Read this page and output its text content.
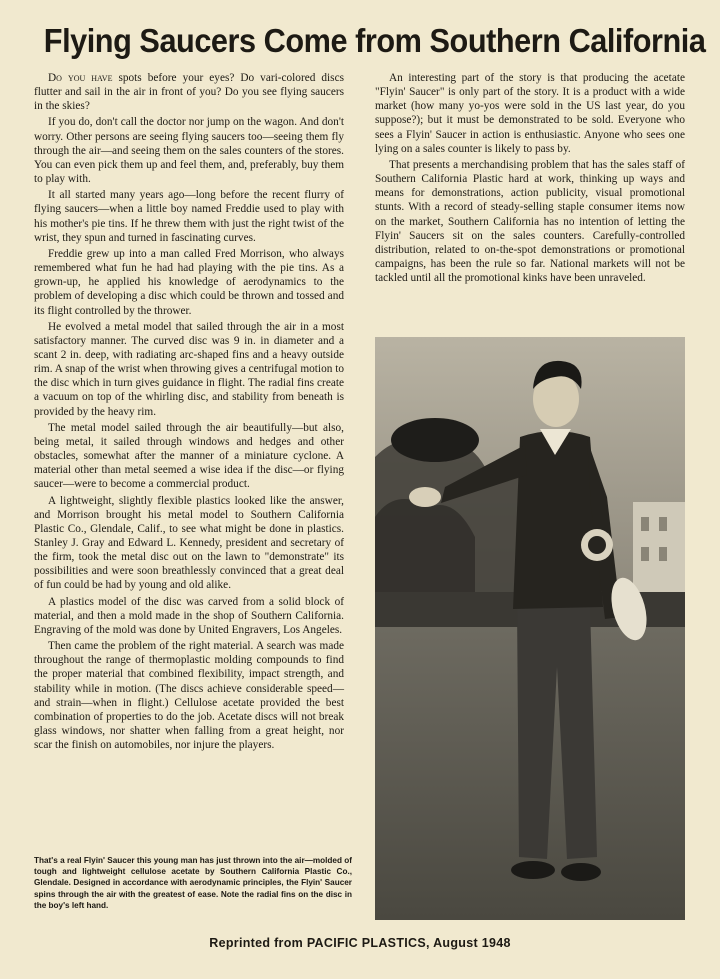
Flying Saucers Come from Southern California

Do you have spots before your eyes? Do vari-colored discs flutter and sail in the air in front of you? Do you see flying saucers in the skies?

If you do, don't call the doctor nor jump on the wagon. And don't worry. Other persons are seeing flying saucers too—seeing them fly through the air—and seeing them on the sales counters of the stores. You can even pick them up and feel them, and, preferably, buy them to play with.

It all started many years ago—long before the recent flurry of flying saucers—when a little boy named Freddie used to play with his mother's pie tins. If he threw them with just the right twist of the wrist, they spun and turned in fascinating curves.

Freddie grew up into a man called Fred Morrison, who always remembered what fun he had had playing with the pie tins. As a grown-up, he applied his knowledge of aerodynamics to the problem of developing a disc which could be thrown and tossed and its flight controlled by the thrower.

He evolved a metal model that sailed through the air in a most satisfactory manner. The curved disc was 9 in. in diameter and a scant 2 in. deep, with radiating arc-shaped fins and a heavy outside rim. A snap of the wrist when throwing gives a centrifugal motion to the disc which in turn gives guidance in flight. The radial fins create a vacuum on top of the whirling disc, and stability from beneath is provided by the heavy rim.

The metal model sailed through the air beautifully—but also, being metal, it sailed through windows and hedges and other obstacles, somewhat after the manner of a miniature cyclone. A material other than metal seemed a wise idea if the disc—or flying saucer—were to become a commercial product.

A lightweight, slightly flexible plastics looked like the answer, and Morrison brought his metal model to Southern California Plastic Co., Glendale, Calif., to see what might be done in plastics. Stanley J. Gray and Edward L. Kennedy, president and secretary of the firm, took the metal disc out on the lawn to "demonstrate" its possibilities and were soon breathlessly convinced that a great deal of fun could be had by young and old alike.

A plastics model of the disc was carved from a solid block of material, and then a mold made in the shop of Southern California. Engraving of the mold was done by United Engravers, Los Angeles.

Then came the problem of the right material. A search was made throughout the range of thermoplastic molding compounds to find the proper material that combined flexibility, impact strength, and stability while in motion. (The discs achieve considerable speed—and strain—when in flight.) Cellulose acetate provided the best combination of properties to do the job. Acetate discs will not break glass windows, nor shatter when falling from a great height, nor scar the finish on automobiles, nor injure the players.

An interesting part of the story is that producing the acetate "Flyin' Saucer" is only part of the story. It is a product with a wide market (how many yo-yos were sold in the US last year, do you suppose?); but it must be demonstrated to be sold. Everyone who sees a Flyin' Saucer in action is enthusiastic. Anyone who sees one lying on a sales counter is likely to pass by.

That presents a merchandising problem that has the sales staff of Southern California Plastic hard at work, thinking up ways and means for demonstrations, action publicity, visual promotional stunts. With a record of steady-selling staple consumer items now on the market, Southern California has no intention of letting the Flyin' Saucers sit on the sales counters. Carefully-controlled distribution, related to on-the-spot demonstrations or promotional campaigns, has been the rule so far. National markets will not be tackled until all the promotional kinks have been unraveled.

That's a real Flyin' Saucer this young man has just thrown into the air—molded of tough and lightweight cellulose acetate by Southern California Plastic Co., Glendale. Designed in accordance with aerodynamic principles, the Flyin' Saucer spins through the air with the greatest of ease. Note the radial fins on the disc in the boy's left hand.
Reprinted from PACIFIC PLASTICS, August 1948
